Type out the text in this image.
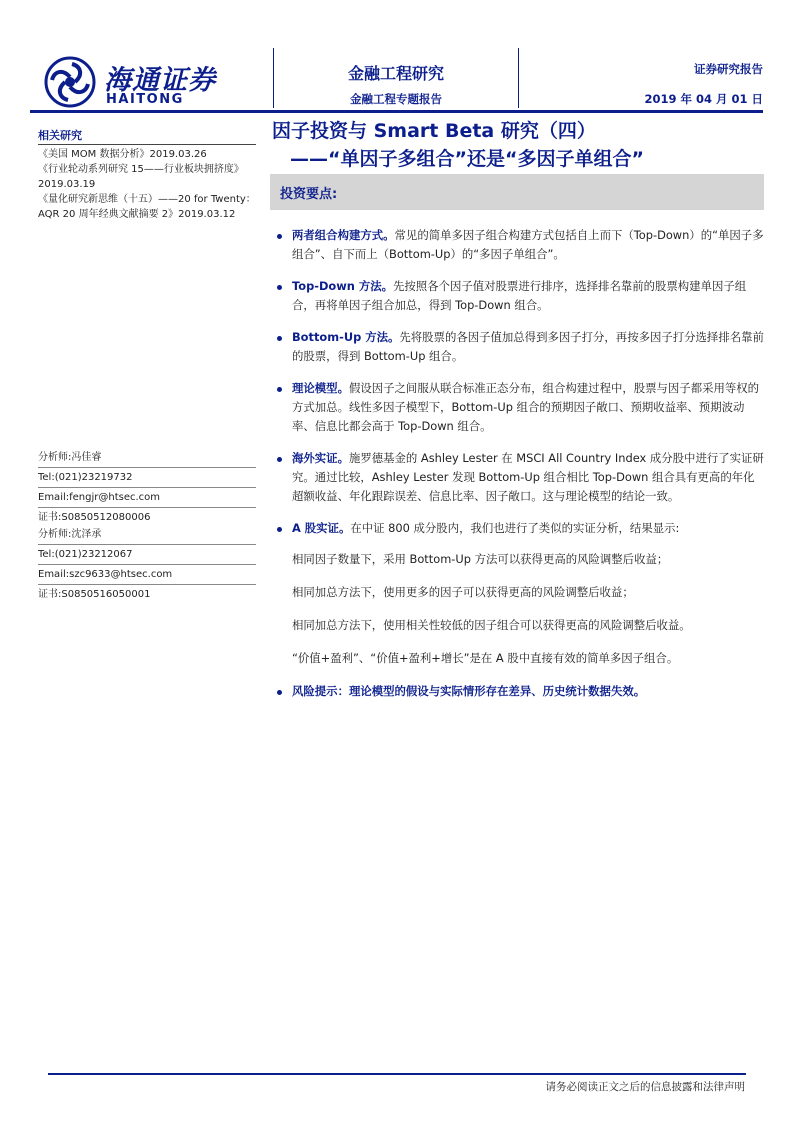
海通证券
HAITONG
金融工程研究
金融工程专题报告
证券研究报告
2019 年 04 月 01 日
相关研究
《美国 MOM 数据分析》2019.03.26
《行业轮动系列研究 15——行业板块拥挤度》2019.03.19
《量化研究新思维（十五）——20 for Twenty：AQR 20 周年经典文献摘要 2》2019.03.12
分析师:冯佳睿
Tel:(021)23219732
Email:fengjr@htsec.com
证书:S0850512080006
分析师:沈泽承
Tel:(021)23212067
Email:szc9633@htsec.com
证书:S0850516050001
因子投资与 Smart Beta 研究（四）
——“单因子多组合”还是“多因子单组合”
投资要点:
两者组合构建方式。常见的简单多因子组合构建方式包括自上而下（Top-Down）的“单因子多组合”、自下而上（Bottom-Up）的“多因子单组合”。
Top-Down 方法。先按照各个因子值对股票进行排序，选择排名靠前的股票构建单因子组合，再将单因子组合加总，得到 Top-Down 组合。
Bottom-Up 方法。先将股票的各因子值加总得到多因子打分，再按多因子打分选择排名靠前的股票，得到 Bottom-Up 组合。
理论模型。假设因子之间服从联合标准正态分布，组合构建过程中，股票与因子都采用等权的方式加总。线性多因子模型下，Bottom-Up 组合的预期因子敞口、预期收益率、预期波动率、信息比都会高于 Top-Down 组合。
海外实证。施罗德基金的 Ashley Lester 在 MSCI All Country Index 成分股中进行了实证研究。通过比较，Ashley Lester 发现 Bottom-Up 组合相比 Top-Down 组合具有更高的年化超额收益、年化跟踪误差、信息比率、因子敞口。这与理论模型的结论一致。
A 股实证。在中证 800 成分股内，我们也进行了类似的实证分析，结果显示:
相同因子数量下，采用 Bottom-Up 方法可以获得更高的风险调整后收益；
相同加总方法下，使用更多的因子可以获得更高的风险调整后收益；
相同加总方法下，使用相关性较低的因子组合可以获得更高的风险调整后收益。
“价值+盈利”、“价值+盈利+增长”是在 A 股中直接有效的简单多因子组合。
风险提示：理论模型的假设与实际情形存在差异、历史统计数据失效。
请务必阅读正文之后的信息披露和法律声明
